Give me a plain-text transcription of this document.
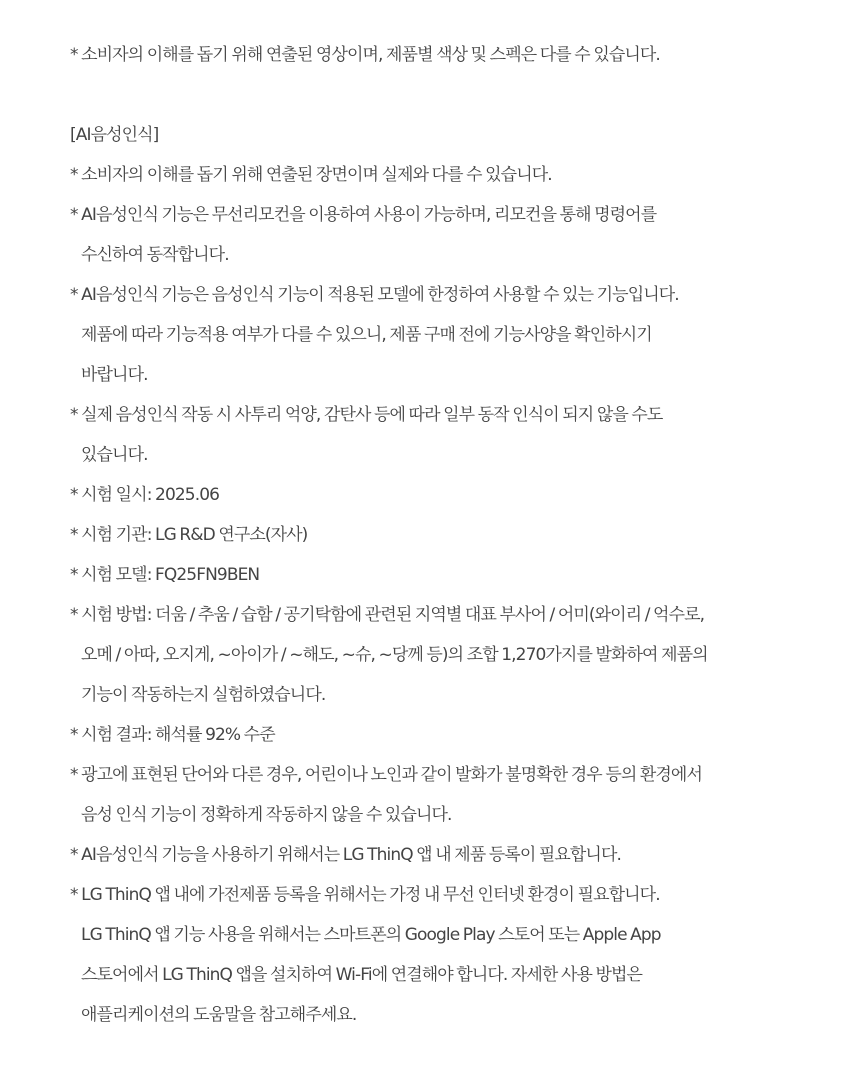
* 소비자의 이해를 돕기 위해 연출된 영상이며, 제품별 색상 및 스펙은 다를 수 있습니다.
[AI음성인식]
* 소비자의 이해를 돕기 위해 연출된 장면이며 실제와 다를 수 있습니다.
* AI음성인식 기능은 무선리모컨을 이용하여 사용이 가능하며, 리모컨을 통해 명령어를
수신하여 동작합니다.
* AI음성인식 기능은 음성인식 기능이 적용된 모델에 한정하여 사용할 수 있는 기능입니다.
제품에 따라 기능적용 여부가 다를 수 있으니, 제품 구매 전에 기능사양을 확인하시기
바랍니다.
* 실제 음성인식 작동 시 사투리 억양, 감탄사 등에 따라 일부 동작 인식이 되지 않을 수도
있습니다.
* 시험 일시: 2025.06
* 시험 기관: LG R&D 연구소(자사)
* 시험 모델: FQ25FN9BEN
* 시험 방법: 더움 / 추움 / 습함 / 공기탁함에 관련된 지역별 대표 부사어 / 어미(와이리 / 억수로,
오메 / 아따, 오지게, ~아이가 / ~해도, ~슈, ~당께 등)의 조합 1,270가지를 발화하여 제품의
기능이 작동하는지 실험하였습니다.
* 시험 결과: 해석률 92% 수준
* 광고에 표현된 단어와 다른 경우, 어린이나 노인과 같이 발화가 불명확한 경우 등의 환경에서
음성 인식 기능이 정확하게 작동하지 않을 수 있습니다.
* AI음성인식 기능을 사용하기 위해서는 LG ThinQ 앱 내 제품 등록이 필요합니다.
* LG ThinQ 앱 내에 가전제품 등록을 위해서는 가정 내 무선 인터넷 환경이 필요합니다.
LG ThinQ 앱 기능 사용을 위해서는 스마트폰의 Google Play 스토어 또는 Apple App
스토어에서 LG ThinQ 앱을 설치하여 Wi-Fi에 연결해야 합니다. 자세한 사용 방법은
애플리케이션의 도움말을 참고해주세요.
